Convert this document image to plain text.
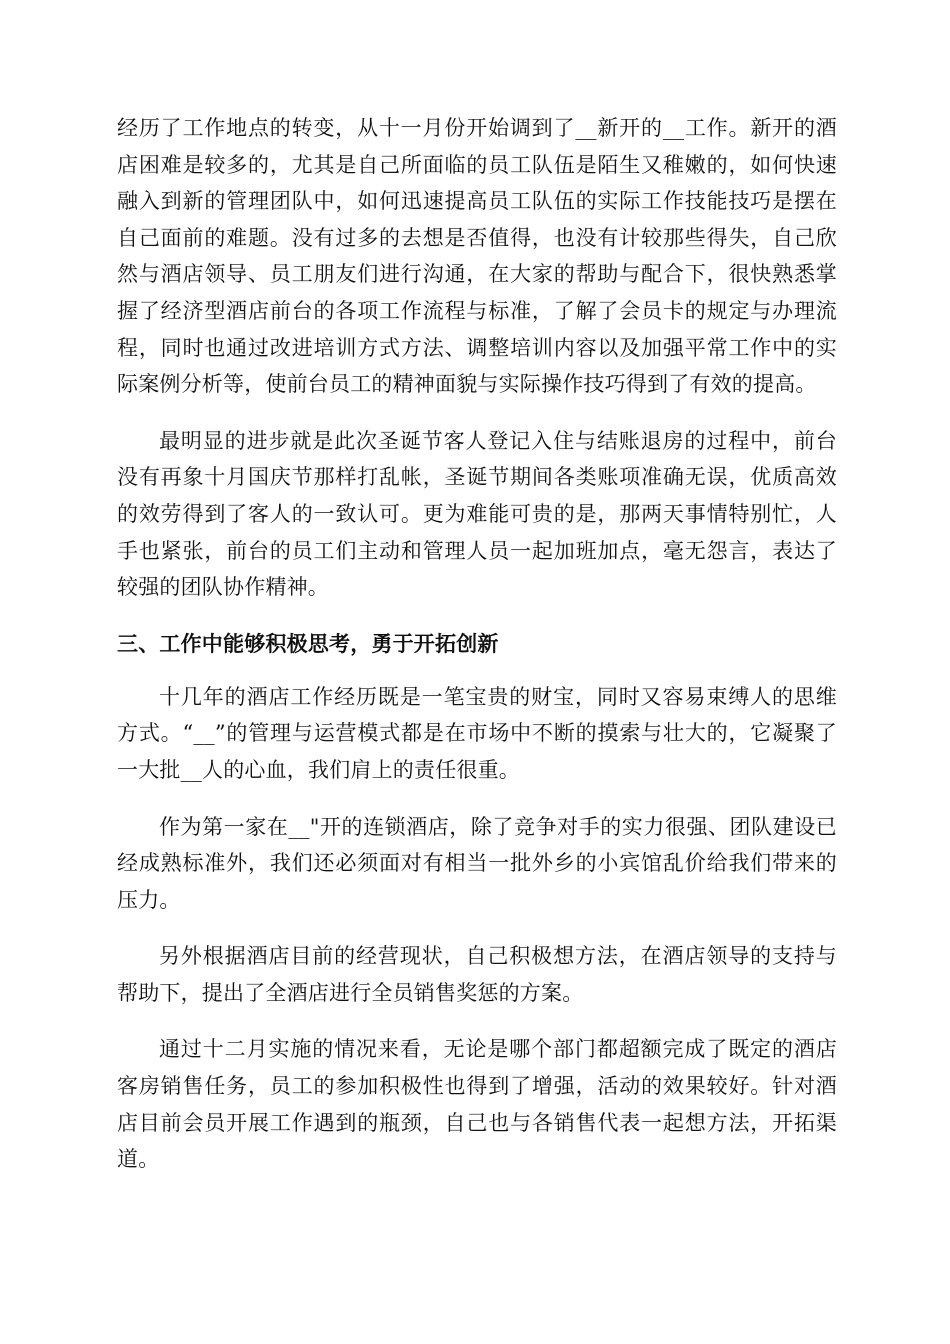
经历了工作地点的转变，从十一月份开始调到了__新开的__工作。新开的酒店困难是较多的，尤其是自己所面临的员工队伍是陌生又稚嫩的，如何快速融入到新的管理团队中，如何迅速提高员工队伍的实际工作技能技巧是摆在自己面前的难题。没有过多的去想是否值得，也没有计较那些得失，自己欣然与酒店领导、员工朋友们进行沟通，在大家的帮助与配合下，很快熟悉掌握了经济型酒店前台的各项工作流程与标准，了解了会员卡的规定与办理流程，同时也通过改进培训方式方法、调整培训内容以及加强平常工作中的实际案例分析等，使前台员工的精神面貌与实际操作技巧得到了有效的提高。

最明显的进步就是此次圣诞节客人登记入住与结账退房的过程中，前台没有再象十月国庆节那样打乱帐，圣诞节期间各类账项准确无误，优质高效的效劳得到了客人的一致认可。更为难能可贵的是，那两天事情特别忙，人手也紧张，前台的员工们主动和管理人员一起加班加点，毫无怨言，表达了较强的团队协作精神。

三、工作中能够积极思考，勇于开拓创新

十几年的酒店工作经历既是一笔宝贵的财宝，同时又容易束缚人的思维方式。“__”的管理与运营模式都是在市场中不断的摸索与壮大的，它凝聚了一大批__人的心血，我们肩上的责任很重。

作为第一家在__"开的连锁酒店，除了竞争对手的实力很强、团队建设已经成熟标准外，我们还必须面对有相当一批外乡的小宾馆乱价给我们带来的压力。

另外根据酒店目前的经营现状，自己积极想方法，在酒店领导的支持与帮助下，提出了全酒店进行全员销售奖惩的方案。

通过十二月实施的情况来看，无论是哪个部门都超额完成了既定的酒店客房销售任务，员工的参加积极性也得到了增强，活动的效果较好。针对酒店目前会员开展工作遇到的瓶颈，自己也与各销售代表一起想方法，开拓渠道。
